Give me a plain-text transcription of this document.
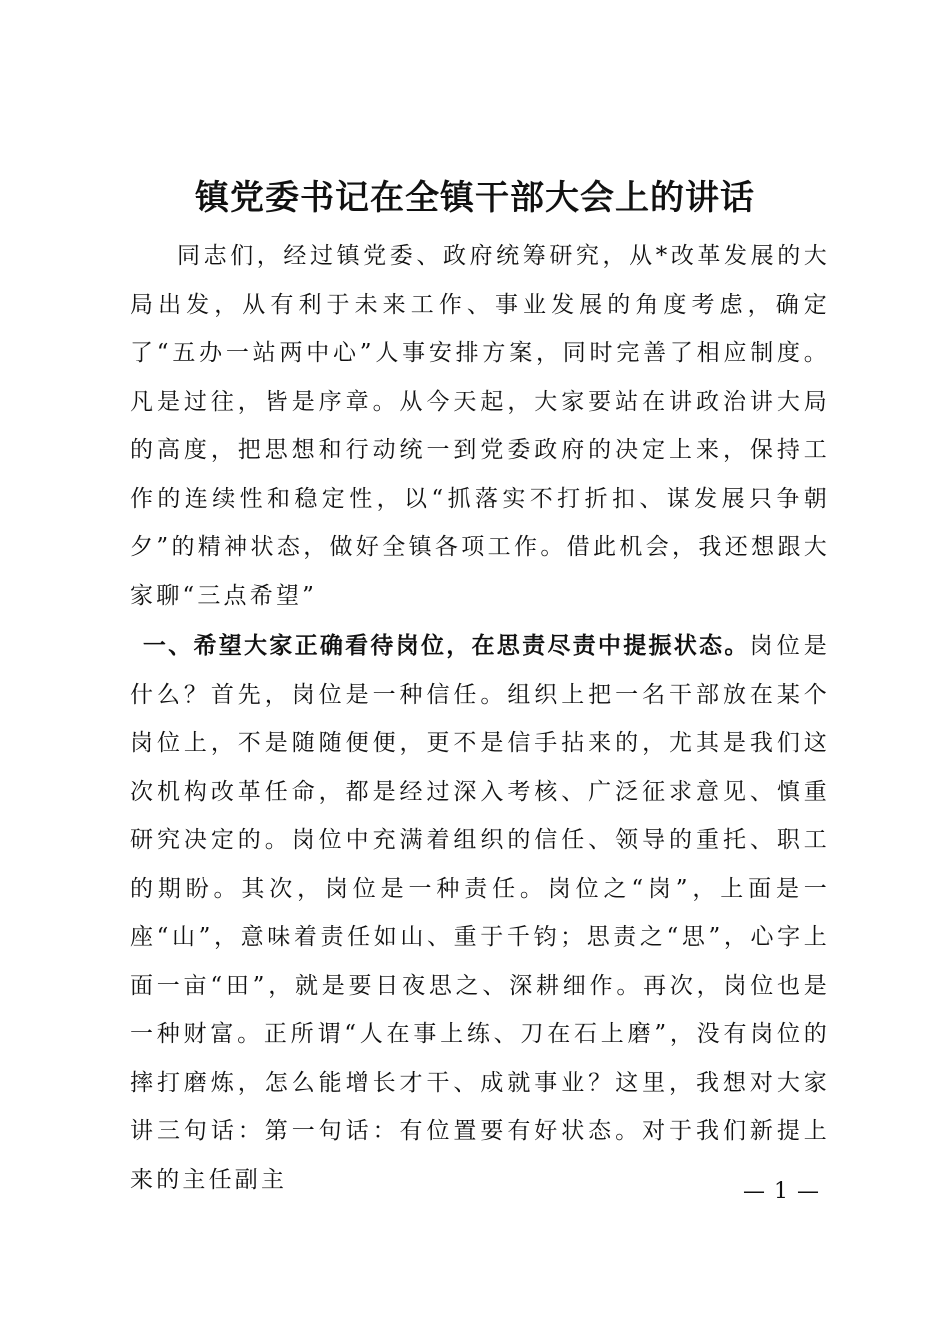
镇党委书记在全镇干部大会上的讲话

同志们，经过镇党委、政府统筹研究，从*改革发展的大局出发，从有利于未来工作、事业发展的角度考虑，确定了“五办一站两中心”人事安排方案，同时完善了相应制度。凡是过往，皆是序章。从今天起，大家要站在讲政治讲大局的高度，把思想和行动统一到党委政府的决定上来，保持工作的连续性和稳定性，以“抓落实不打折扣、谋发展只争朝夕”的精神状态，做好全镇各项工作。借此机会，我还想跟大家聊“三点希望”

一、希望大家正确看待岗位，在思责尽责中提振状态。岗位是什么？首先，岗位是一种信任。组织上把一名干部放在某个岗位上，不是随随便便，更不是信手拈来的，尤其是我们这次机构改革任命，都是经过深入考核、广泛征求意见、慎重研究决定的。岗位中充满着组织的信任、领导的重托、职工的期盼。其次，岗位是一种责任。岗位之“岗”，上面是一座“山”，意味着责任如山、重于千钧；思责之“思”，心字上面一亩“田”，就是要日夜思之、深耕细作。再次，岗位也是一种财富。正所谓“人在事上练、刀在石上磨”，没有岗位的摔打磨炼，怎么能增长才干、成就事业？这里，我想对大家讲三句话：第一句话：有位置要有好状态。对于我们新提上来的主任副主	— 1 —
